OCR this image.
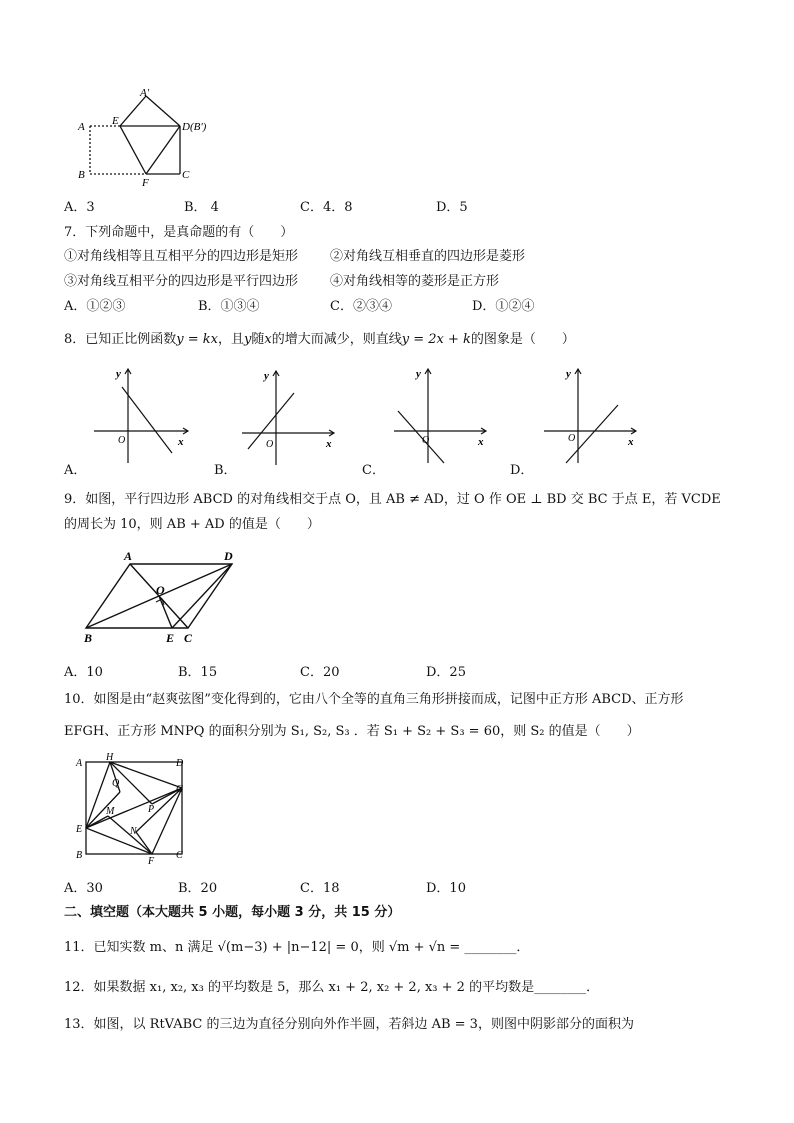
A'
A E	D(B')
B
F
C
A．3	B． 4	C．4．8	D．5
7．下列命题中，是真命题的有（　　）
①对角线相等且互相平分的四边形是矩形 ②对角线互相垂直的四边形是菱形
③对角线互相平分的四边形是平行四边形 ④对角线相等的菱形是正方形
A．①②③	B．①③④	C．②③④	D．①②④
8．已知正比例函数y = kx，且y随x的增大而减少，则直线y = 2x + k的图象是（　　）
y
O	x
y
O	x
y
O	x
y
O	x
A．	B．	C．	D．
9．如图，平行四边形 ABCD 的对角线相交于点 O，且 AB ≠ AD，过 O 作 OE ⊥ BD 交 BC 于点 E，若 VCDE
的周长为 10，则 AB + AD 的值是（　　）
A	D
O
B	E C
A．10	B．15	C．20	D．25
10．如图是由“赵爽弦图”变化得到的，它由八个全等的直角三角形拼接而成，记图中正方形 ABCD、正方形
EFGH、正方形 MNPQ 的面积分别为 S₁, S₂, S₃ ．若 S₁ + S₂ + S₃ = 60，则 S₂ 的值是（　　）
A
H
D
Q
G
M	P
E	N
B
F
C
A．30	B．20	C．18	D．10
二、填空题（本大题共 5 小题，每小题 3 分，共 15 分）
11．已知实数 m、n 满足 √(m−3) + |n−12| = 0，则 √m + √n = ________．
12．如果数据 x₁, x₂, x₃ 的平均数是 5，那么 x₁ + 2, x₂ + 2, x₃ + 2 的平均数是________．
13．如图，以 RtVABC 的三边为直径分别向外作半圆，若斜边 AB = 3，则图中阴影部分的面积为
